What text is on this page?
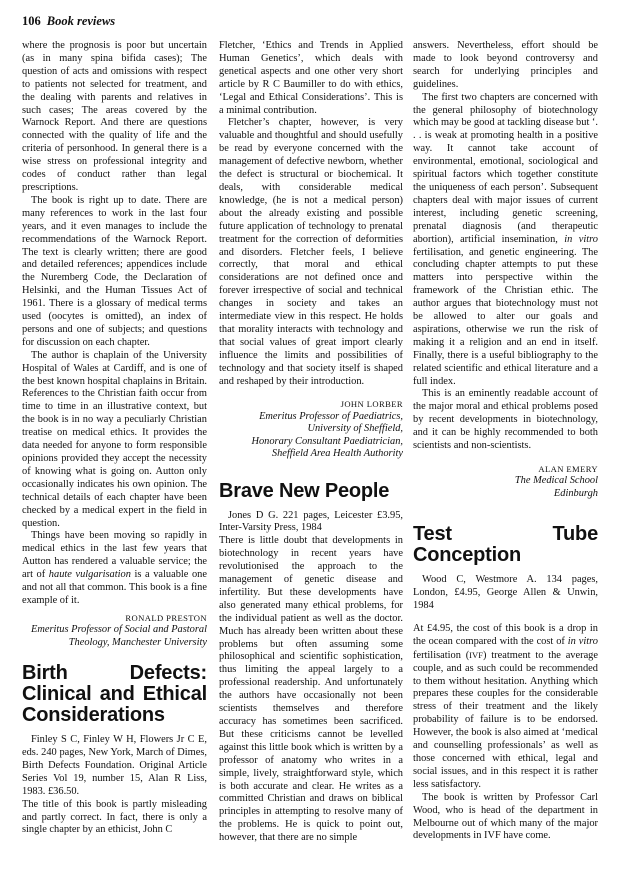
106 Book reviews

where the prognosis is poor but uncertain (as in many spina bifida cases); The question of acts and omissions with respect to patients not selected for treatment, and the dealing with parents and relatives in such cases; The areas covered by the Warnock Report. And there are questions connected with the quality of life and the criteria of personhood. In general there is a wise stress on professional integrity and codes of conduct rather than legal prescriptions.

The book is right up to date. There are many references to work in the last four years, and it even manages to include the recommendations of the Warnock Report. The text is clearly written; there are good and detailed references; appendices include the Nuremberg Code, the Declaration of Helsinki, and the Human Tissues Act of 1961. There is a glossary of medical terms used (oocytes is omitted), an index of persons and one of subjects; and questions for discussion on each chapter.

The author is chaplain of the University Hospital of Wales at Cardiff, and is one of the best known hospital chaplains in Britain. References to the Christian faith occur from time to time in an illustrative context, but the book is in no way a peculiarly Christian treatise on medical ethics. It provides the data needed for anyone to form responsible opinions provided they accept the necessity of knowing what is going on. Autton only occasionally indicates his own opinion. The technical details of each chapter have been checked by a medical expert in the field in question.

Things have been moving so rapidly in medical ethics in the last few years that Autton has rendered a valuable service; the art of haute vulgarisation is a valuable one and not all that common. This book is a fine example of it.

RONALD PRESTON
Emeritus Professor of Social and Pastoral
Theology, Manchester University
Birth Defects: Clinical and Ethical Considerations

Finley S C, Finley W H, Flowers Jr C E, eds. 240 pages, New York, March of Dimes, Birth Defects Foundation. Original Article Series Vol 19, number 15, Alan R Liss, 1983. £36.50.

The title of this book is partly misleading and partly correct. In fact, there is only a single chapter by an ethicist, John C

Fletcher, ‘Ethics and Trends in Applied Human Genetics’, which deals with genetical aspects and one other very short article by R C Baumiller to do with ethics, ‘Legal and Ethical Considerations’. This is a minimal contribution.

Fletcher’s chapter, however, is very valuable and thoughtful and should usefully be read by everyone concerned with the management of defective newborn, whether the defect is structural or biochemical. It deals, with considerable medical knowledge, (he is not a medical person) about the already existing and possible future application of technology to prenatal treatment for the correction of deformities and disorders. Fletcher feels, I believe correctly, that moral and ethical considerations are not defined once and forever irrespective of social and technical changes in society and takes an intermediate view in this respect. He holds that morality interacts with technology and that social values of great import clearly influence the limits and possibilities of technology and that society itself is shaped and reshaped by their introduction.

JOHN LORBER
Emeritus Professor of Paediatrics,
University of Sheffield,
Honorary Consultant Paediatrician,
Sheffield Area Health Authority
Brave New People

Jones D G. 221 pages, Leicester £3.95, Inter-Varsity Press, 1984

There is little doubt that developments in biotechnology in recent years have revolutionised the approach to the management of genetic disease and infertility. But these developments have also generated many ethical problems, for the individual patient as well as the doctor. Much has already been written about these problems but often assuming some philosophical and scientific sophistication, thus limiting the appeal largely to a professional readership. And unfortunately the authors have occasionally not been scientists themselves and therefore accuracy has sometimes been sacrificed. But these criticisms cannot be levelled against this little book which is written by a professor of anatomy who writes in a simple, lively, straightforward style, which is both accurate and clear. He writes as a committed Christian and draws on biblical principles in attempting to resolve many of the problems. He is quick to point out, however, that there are no simple

answers. Nevertheless, effort should be made to look beyond controversy and search for underlying principles and guidelines.

The first two chapters are concerned with the general philosophy of biotechnology which may be good at tackling disease but ‘. . . is weak at promoting health in a positive way. It cannot take account of environmental, emotional, sociological and spiritual factors which together constitute the uniqueness of each person’. Subsequent chapters deal with major issues of current interest, including genetic screening, prenatal diagnosis (and therapeutic abortion), artificial insemination, in vitro fertilisation, and genetic engineering. The concluding chapter attempts to put these matters into perspective within the framework of the Christian ethic. The author argues that biotechnology must not be allowed to alter our goals and aspirations, otherwise we run the risk of making it a religion and an end in itself. Finally, there is a useful bibliography to the related scientific and ethical literature and a full index.

This is an eminently readable account of the major moral and ethical problems posed by recent developments in biotechnology, and it can be highly recommended to both scientists and non-scientists.

ALAN EMERY
The Medical School
Edinburgh
Test Tube Conception

Wood C, Westmore A. 134 pages, London, £4.95, George Allen & Unwin, 1984

At £4.95, the cost of this book is a drop in the ocean compared with the cost of in vitro fertilisation (IVF) treatment to the average couple, and as such could be recommended to them without hesitation. Anything which prepares these couples for the considerable stress of their treatment and the likely probability of failure is to be endorsed. However, the book is also aimed at ‘medical and counselling professionals’ as well as those concerned with ethical, legal and social issues, and in this respect it is rather less satisfactory.

The book is written by Professor Carl Wood, who is head of the department in Melbourne out of which many of the major developments in IVF have come.
